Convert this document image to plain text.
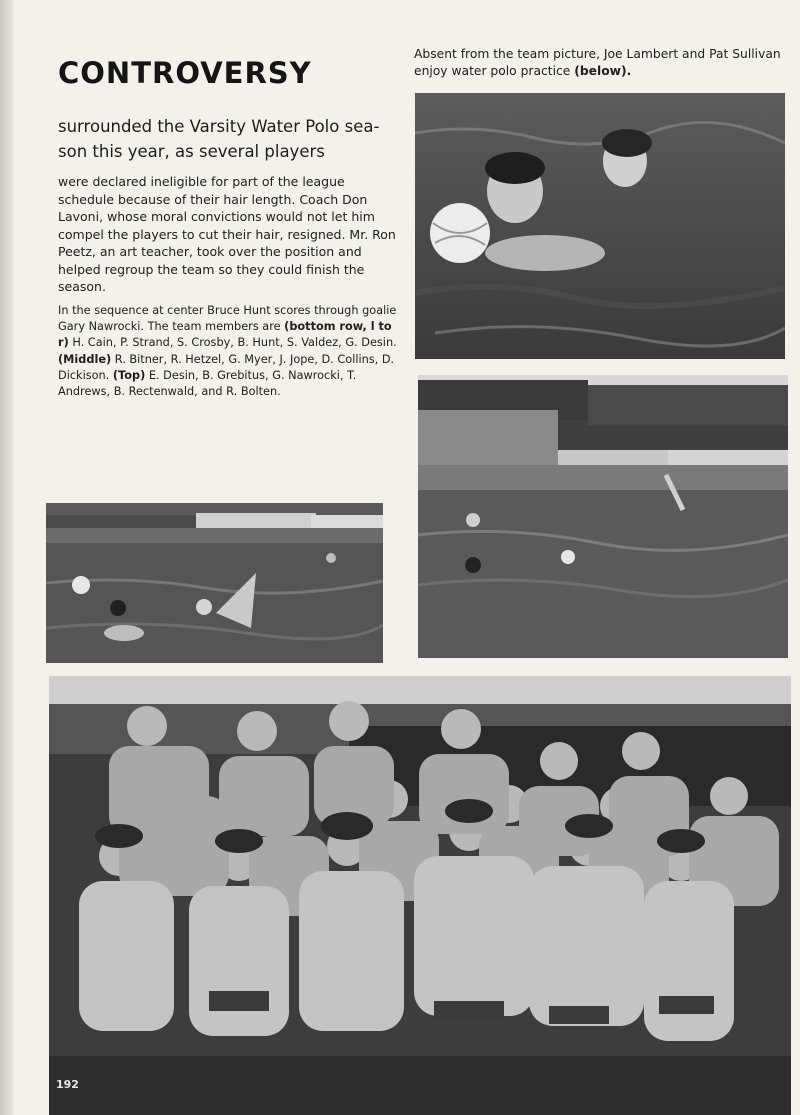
CONTROVERSY

surrounded the Varsity Water Polo sea-son this year, as several players

were declared ineligible for part of the league schedule because of their hair length. Coach Don Lavoni, whose moral convictions would not let him compel the players to cut their hair, resigned. Mr. Ron Peetz, an art teacher, took over the position and helped regroup the team so they could finish the season.

In the sequence at center Bruce Hunt scores through goalie Gary Nawrocki. The team members are (bottom row, l to r) H. Cain, P. Strand, S. Crosby, B. Hunt, S. Valdez, G. Desin. (Middle) R. Bitner, R. Hetzel, G. Myer, J. Jope, D. Collins, D. Dickison. (Top) E. Desin, B. Grebitus, G. Nawrocki, T. Andrews, B. Rectenwald, and R. Bolten.

Absent from the team picture, Joe Lambert and Pat Sullivan enjoy water polo practice (below).

192
